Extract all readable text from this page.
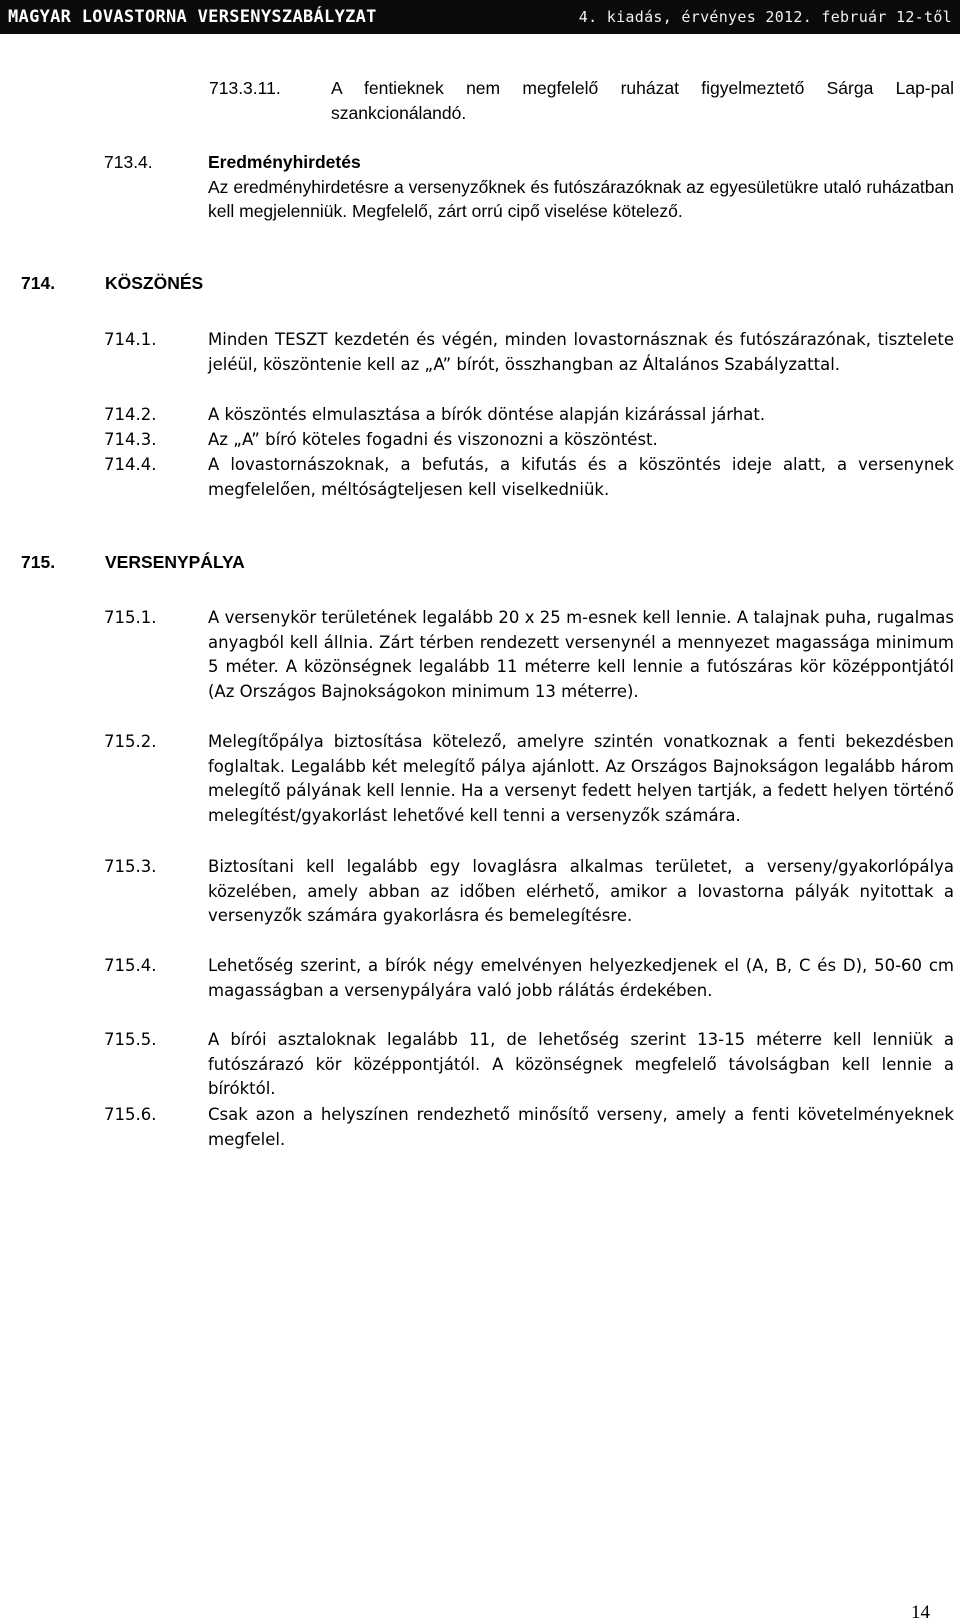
MAGYAR LOVASTORNA VERSENYSZABÁLYZAT	4. kiadás, érvényes 2012. február 12-től
713.3.11.	A fentieknek nem megfelelő ruházat figyelmeztető Sárga Lap-pal szankcionálandó.
713.4.	Eredményhirdetés
Az eredményhirdetésre a versenyzőknek és futószárazóknak az egyesületükre utaló ruházatban kell megjelenniük. Megfelelő, zárt orrú cipő viselése kötelező.
714.	KÖSZÖNÉS
714.1.	Minden TESZT kezdetén és végén, minden lovastornásznak és futószárazónak, tisztelete jeléül, köszöntenie kell az „A” bírót, összhangban az Általános Szabályzattal.
714.2.	A köszöntés elmulasztása a bírók döntése alapján kizárással járhat.
714.3.	Az „A” bíró köteles fogadni és viszonozni a köszöntést.
714.4.	A lovastornászoknak, a befutás, a kifutás és a köszöntés ideje alatt, a versenynek megfelelően, méltóságteljesen kell viselkedniük.
715.	VERSENYPÁLYA
715.1.	A versenykör területének legalább 20 x 25 m-esnek kell lennie. A talajnak puha, rugalmas anyagból kell állnia. Zárt térben rendezett versenynél a mennyezet magassága minimum 5 méter. A közönségnek legalább 11 méterre kell lennie a futószáras kör középpontjától (Az Országos Bajnokságokon minimum 13 méterre).
715.2.	Melegítőpálya biztosítása kötelező, amelyre szintén vonatkoznak a fenti bekezdésben foglaltak. Legalább két melegítő pálya ajánlott. Az Országos Bajnokságon legalább három melegítő pályának kell lennie. Ha a versenyt fedett helyen tartják, a fedett helyen történő melegítést/gyakorlást lehetővé kell tenni a versenyzők számára.
715.3.	Biztosítani kell legalább egy lovaglásra alkalmas területet, a verseny/gyakorlópálya közelében, amely abban az időben elérhető, amikor a lovastorna pályák nyitottak a versenyzők számára gyakorlásra és bemelegítésre.
715.4.	Lehetőség szerint, a bírók négy emelvényen helyezkedjenek el (A, B, C és D), 50-60 cm magasságban a versenypályára való jobb rálátás érdekében.
715.5.	A bírói asztaloknak legalább 11, de lehetőség szerint 13-15 méterre kell lenniük a futószárazó kör középpontjától. A közönségnek megfelelő távolságban kell lennie a bíróktól.
715.6.	Csak azon a helyszínen rendezhető minősítő verseny, amely a fenti követelményeknek megfelel.
14
